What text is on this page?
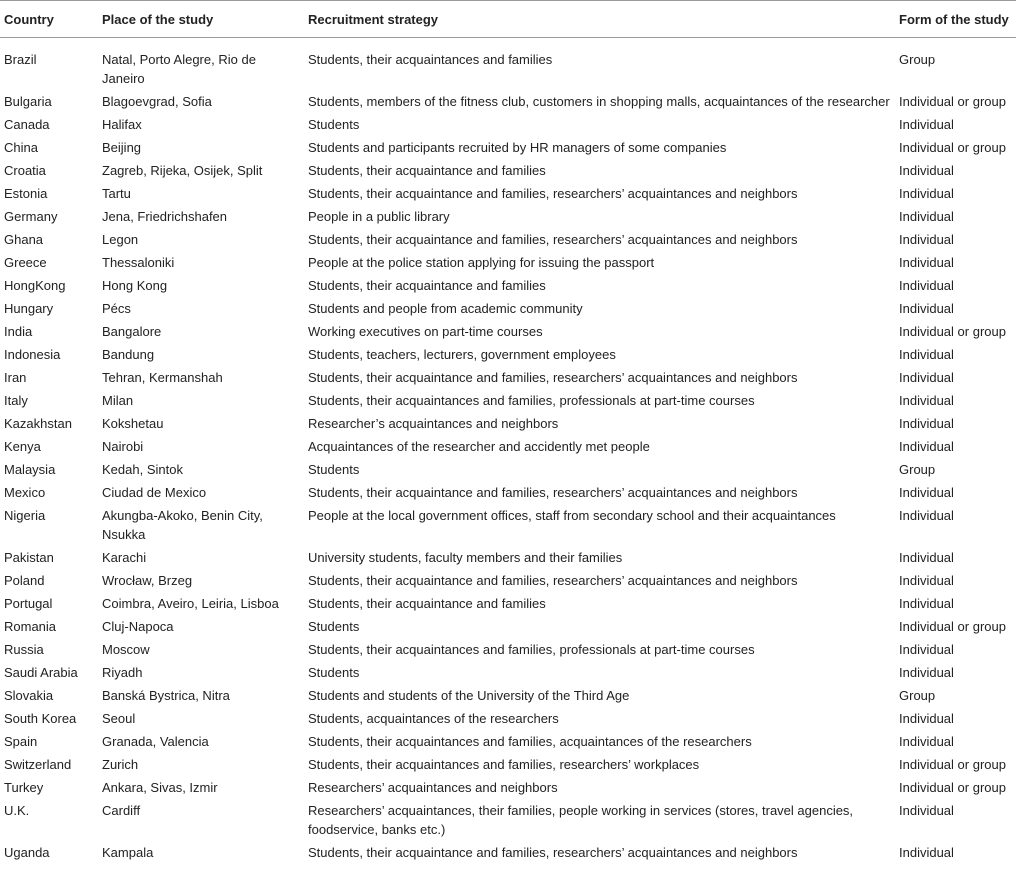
Country	Place of the study	Recruitment strategy	Form of the study
Brazil	Natal, Porto Alegre, Rio de Janeiro	Students, their acquaintances and families	Group
Bulgaria	Blagoevgrad, Sofia	Students, members of the fitness club, customers in shopping malls, acquaintances of the researcher	Individual or group
Canada	Halifax	Students	Individual
China	Beijing	Students and participants recruited by HR managers of some companies	Individual or group
Croatia	Zagreb, Rijeka, Osijek, Split	Students, their acquaintance and families	Individual
Estonia	Tartu	Students, their acquaintance and families, researchers’ acquaintances and neighbors	Individual
Germany	Jena, Friedrichshafen	People in a public library	Individual
Ghana	Legon	Students, their acquaintance and families, researchers’ acquaintances and neighbors	Individual
Greece	Thessaloniki	People at the police station applying for issuing the passport	Individual
HongKong	Hong Kong	Students, their acquaintance and families	Individual
Hungary	Pécs	Students and people from academic community	Individual
India	Bangalore	Working executives on part-time courses	Individual or group
Indonesia	Bandung	Students, teachers, lecturers, government employees	Individual
Iran	Tehran, Kermanshah	Students, their acquaintance and families, researchers’ acquaintances and neighbors	Individual
Italy	Milan	Students, their acquaintances and families, professionals at part-time courses	Individual
Kazakhstan	Kokshetau	Researcher’s acquaintances and neighbors	Individual
Kenya	Nairobi	Acquaintances of the researcher and accidently met people	Individual
Malaysia	Kedah, Sintok	Students	Group
Mexico	Ciudad de Mexico	Students, their acquaintance and families, researchers’ acquaintances and neighbors	Individual
Nigeria	Akungba-Akoko, Benin City, Nsukka	People at the local government offices, staff from secondary school and their acquaintances	Individual
Pakistan	Karachi	University students, faculty members and their families	Individual
Poland	Wrocław, Brzeg	Students, their acquaintance and families, researchers’ acquaintances and neighbors	Individual
Portugal	Coimbra, Aveiro, Leiria, Lisboa	Students, their acquaintance and families	Individual
Romania	Cluj-Napoca	Students	Individual or group
Russia	Moscow	Students, their acquaintances and families, professionals at part-time courses	Individual
Saudi Arabia	Riyadh	Students	Individual
Slovakia	Banská Bystrica, Nitra	Students and students of the University of the Third Age	Group
South Korea	Seoul	Students, acquaintances of the researchers	Individual
Spain	Granada, Valencia	Students, their acquaintances and families, acquaintances of the researchers	Individual
Switzerland	Zurich	Students, their acquaintances and families, researchers’ workplaces	Individual or group
Turkey	Ankara, Sivas, Izmir	Researchers’ acquaintances and neighbors	Individual or group
U.K.	Cardiff	Researchers’ acquaintances, their families, people working in services (stores, travel agencies, foodservice, banks etc.)	Individual
Uganda	Kampala	Students, their acquaintance and families, researchers’ acquaintances and neighbors	Individual
